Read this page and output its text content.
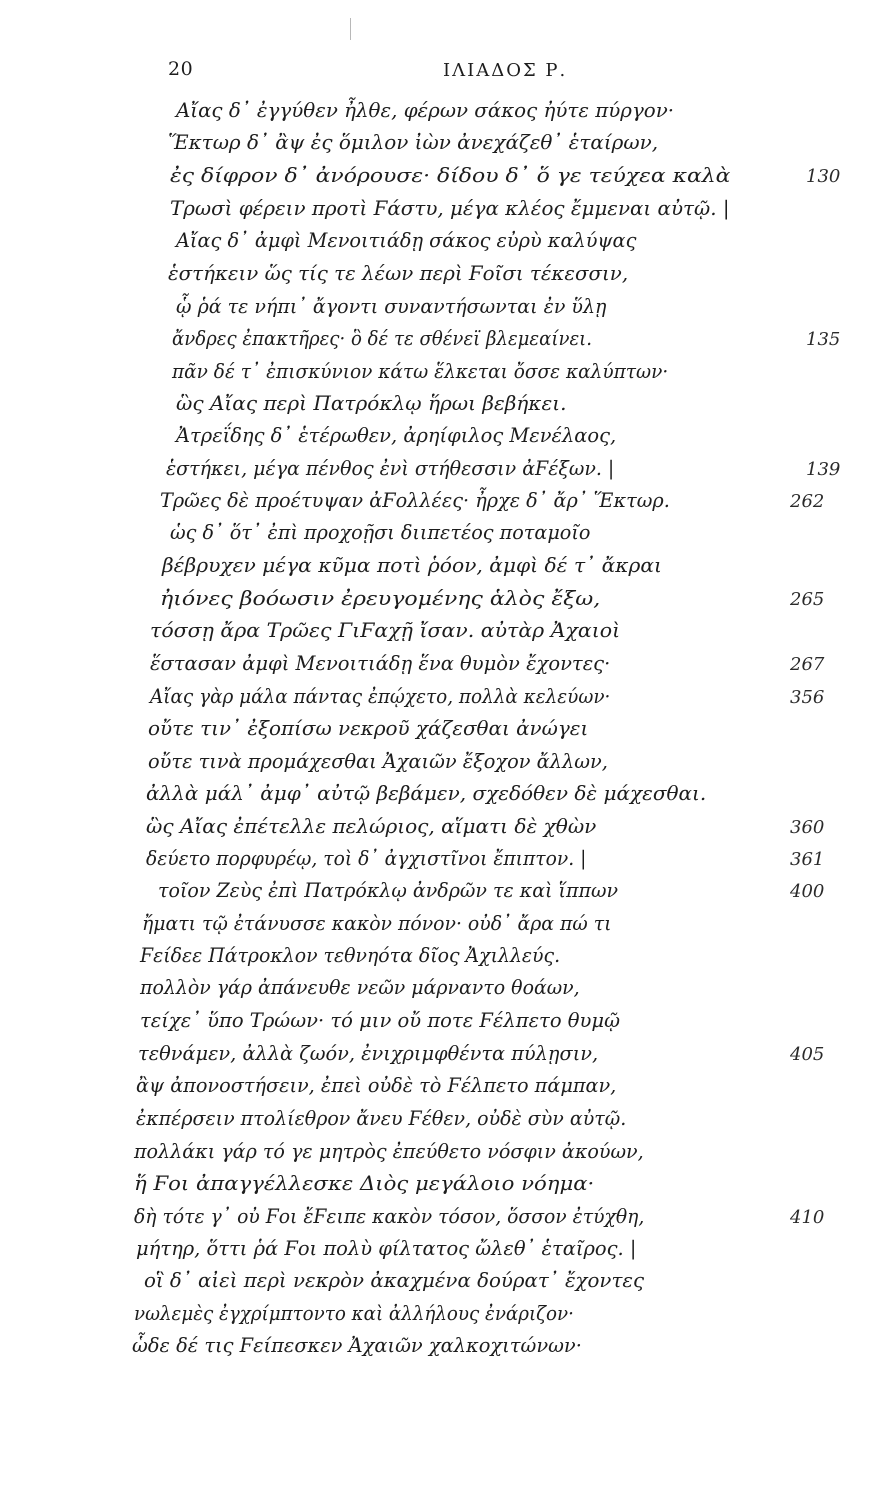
20	ΙΛΙΑΔΟΣ Ρ.
Αἴας δ᾽ ἐγγύθεν ἦλθε, φέρων σάκος ἠύτε πύργον·
Ἕκτωρ δ᾽ ἂψ ἐς ὅμιλον ἰὼν ἀνεχάζεθ᾽ ἑταίρων,
ἐς δίφρον δ᾽ ἀνόρουσε· δίδου δ᾽ ὅ γε τεύχεα καλὰ	130
Τρωσὶ φέρειν προτὶ Ϝάστυ, μέγα κλέος ἔμμεναι αὐτῷ. |
Αἴας δ᾽ ἀμφὶ Μενοιτιάδῃ σάκος εὐρὺ καλύψας
ἑστήκειν ὥς τίς τε λέων περὶ Ϝοῖσι τέκεσσιν,
ᾧ ῥά τε νήπι᾽ ἄγοντι συναντήσωνται ἐν ὕλῃ
ἄνδρες ἐπακτῆρες· ὃ δέ τε σθένεϊ βλεμεαίνει.	135
πᾶν δέ τ᾽ ἐπισκύνιον κάτω ἕλκεται ὄσσε καλύπτων·
ὣς Αἴας περὶ Πατρόκλῳ ἥρωι βεβήκει.
Ἀτρεΐδης δ᾽ ἑτέρωθεν, ἀρηίφιλος Μενέλαος,
ἑστήκει, μέγα πένθος ἐνὶ στήθεσσιν ἀϜέξων. |	139
Τρῶες δὲ προέτυψαν ἀϜολλέες· ἦρχε δ᾽ ἄρ᾽ Ἕκτωρ.	262
ὡς δ᾽ ὅτ᾽ ἐπὶ προχοῇσι διιπετέος ποταμοῖο
βέβρυχεν μέγα κῦμα ποτὶ ῥόον, ἀμφὶ δέ τ᾽ ἄκραι
ἠιόνες βοόωσιν ἐρευγομένης ἁλὸς ἔξω,	265
τόσσῃ ἄρα Τρῶες ΓιϜαχῇ ἴσαν. αὐτὰρ Ἀχαιοὶ
ἕστασαν ἀμφὶ Μενοιτιάδῃ ἕνα θυμὸν ἔχοντες·	267
Αἴας γὰρ μάλα πάντας ἐπῴχετο, πολλὰ κελεύων·	356
οὔτε τιν᾽ ἐξοπίσω νεκροῦ χάζεσθαι ἀνώγει
οὔτε τινὰ προμάχεσθαι Ἀχαιῶν ἔξοχον ἄλλων,
ἀλλὰ μάλ᾽ ἀμφ᾽ αὐτῷ βεβάμεν, σχεδόθεν δὲ μάχεσθαι.
ὣς Αἴας ἐπέτελλε πελώριος, αἵματι δὲ χθὼν	360
δεύετο πορφυρέῳ, τοὶ δ᾽ ἀγχιστῖνοι ἔπιπτον. |	361
τοῖον Ζεὺς ἐπὶ Πατρόκλῳ ἀνδρῶν τε καὶ ἵππων	400
ἤματι τῷ ἐτάνυσσε κακὸν πόνον· οὐδ᾽ ἄρα πώ τι
Ϝείδεε Πάτροκλον τεθνηότα δῖος Ἀχιλλεύς.
πολλὸν γάρ ἀπάνευθε νεῶν μάρναντο θοάων,
τείχε᾽ ὕπο Τρώων· τό μιν οὔ ποτε Ϝέλπετο θυμῷ
τεθνάμεν, ἀλλὰ ζωόν, ἐνιχριμφθέντα πύλῃσιν,	405
ἂψ ἀπονοστήσειν, ἐπεὶ οὐδὲ τὸ Ϝέλπετο πάμπαν,
ἐκπέρσειν πτολίεθρον ἄνευ Ϝέθεν, οὐδὲ σὺν αὐτῷ.
πολλάκι γάρ τό γε μητρὸς ἐπεύθετο νόσφιν ἀκούων,
ἥ Ϝοι ἀπαγγέλλεσκε Διὸς μεγάλοιο νόημα·
δὴ τότε γ᾽ οὐ Ϝοι ἔϜειπε κακὸν τόσον, ὅσσον ἐτύχθη,	410
μήτηρ, ὅττι ῥά Ϝοι πολὺ φίλτατος ὤλεθ᾽ ἑταῖρος. |
οἳ δ᾽ αἰεὶ περὶ νεκρὸν ἀκαχμένα δούρατ᾽ ἔχοντες
νωλεμὲς ἐγχρίμπτοντο καὶ ἀλλήλους ἐνάριζον·
ὧδε δέ τις Ϝείπεσκεν Ἀχαιῶν χαλκοχιτώνων·
